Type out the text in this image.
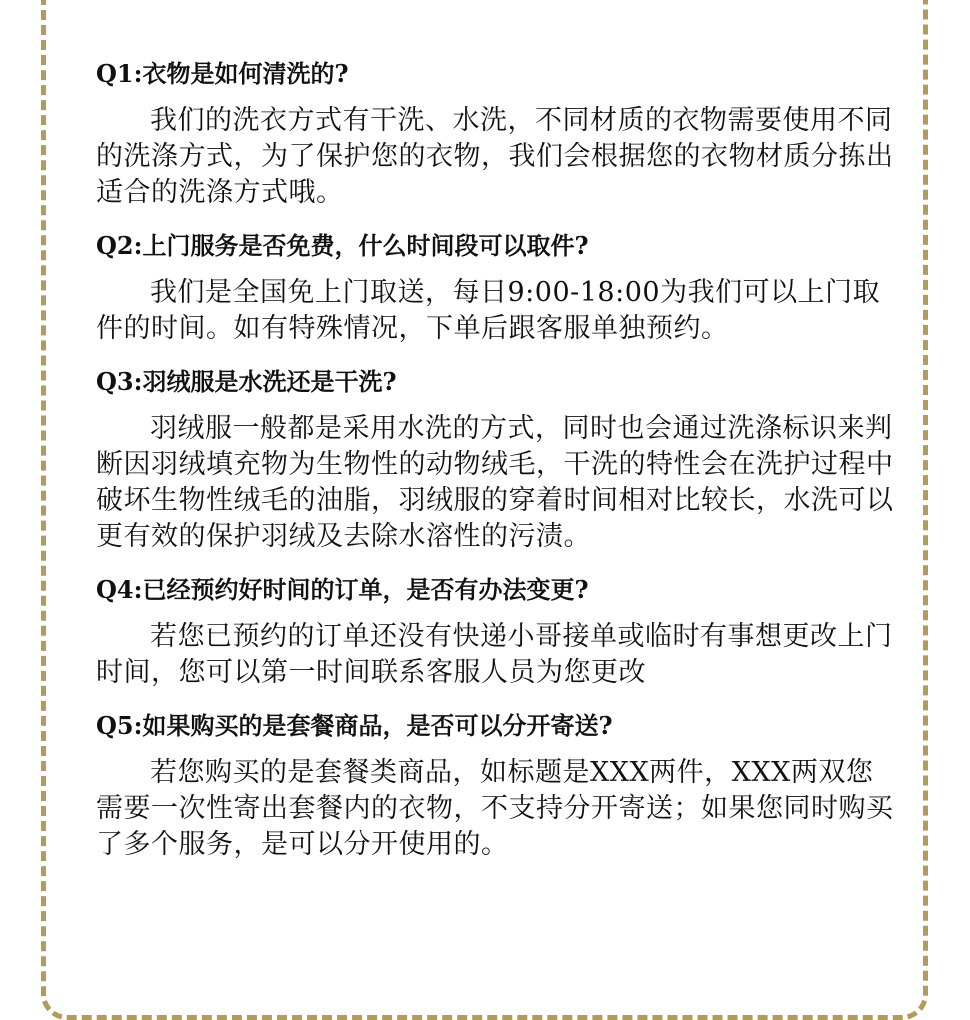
Q1:衣物是如何清洗的?
我们的洗衣方式有干洗、水洗，不同材质的衣物需要使用不同的洗涤方式，为了保护您的衣物，我们会根据您的衣物材质分拣出适合的洗涤方式哦。
Q2:上门服务是否免费，什么时间段可以取件?
我们是全国免上门取送，每日9:00-18:00为我们可以上门取件的时间。如有特殊情况，下单后跟客服单独预约。
Q3:羽绒服是水洗还是干洗?
羽绒服一般都是采用水洗的方式，同时也会通过洗涤标识来判断因羽绒填充物为生物性的动物绒毛，干洗的特性会在洗护过程中破坏生物性绒毛的油脂，羽绒服的穿着时间相对比较长，水洗可以更有效的保护羽绒及去除水溶性的污渍。
Q4:已经预约好时间的订单，是否有办法变更?
若您已预约的订单还没有快递小哥接单或临时有事想更改上门时间，您可以第一时间联系客服人员为您更改
Q5:如果购买的是套餐商品，是否可以分开寄送?
若您购买的是套餐类商品，如标题是XXX两件，XXX两双您需要一次性寄出套餐内的衣物，不支持分开寄送；如果您同时购买了多个服务，是可以分开使用的。
